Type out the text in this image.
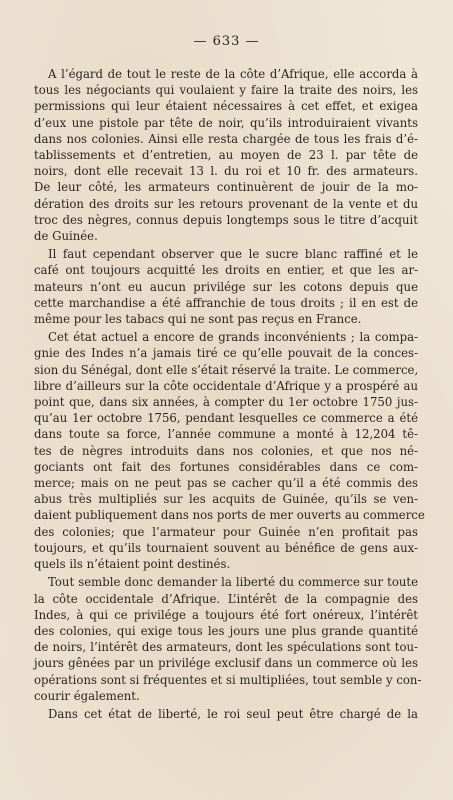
— 633 —
A l’égard de tout le reste de la côte d’Afrique, elle accorda à
tous les négociants qui voulaient y faire la traite des noirs, les
permissions qui leur étaient nécessaires à cet effet, et exigea
d’eux une pistole par tête de noir, qu’ils introduiraient vivants
dans nos colonies. Ainsi elle resta chargée de tous les frais d’é-
tablissements et d’entretien, au moyen de 23 l. par tête de
noirs, dont elle recevait 13 l. du roi et 10 fr. des armateurs.
De leur côté, les armateurs continuèrent de jouir de la mo-
dération des droits sur les retours provenant de la vente et du
troc des nègres, connus depuis longtemps sous le titre d’acquit
de Guinée.
Il faut cependant observer que le sucre blanc raffiné et le
café ont toujours acquitté les droits en entier, et que les ar-
mateurs n’ont eu aucun privilége sur les cotons depuis que
cette marchandise a été affranchie de tous droits ; il en est de
même pour les tabacs qui ne sont pas reçus en France.
Cet état actuel a encore de grands inconvénients ; la compa-
gnie des Indes n’a jamais tiré ce qu’elle pouvait de la conces-
sion du Sénégal, dont elle s’était réservé la traite. Le commerce,
libre d’ailleurs sur la côte occidentale d’Afrique y a prospéré au
point que, dans six années, à compter du 1er octobre 1750 jus-
qu’au 1er octobre 1756, pendant lesquelles ce commerce a été
dans toute sa force, l’année commune a monté à 12,204 tê-
tes de nègres introduits dans nos colonies, et que nos né-
gociants ont fait des fortunes considérables dans ce com-
merce; mais on ne peut pas se cacher qu’il a été commis des
abus très multipliés sur les acquits de Guinée, qu’ils se ven-
daient publiquement dans nos ports de mer ouverts au commerce
des colonies; que l’armateur pour Guinée n’en profitait pas
toujours, et qu’ils tournaient souvent au bénéfice de gens aux-
quels ils n’étaient point destinés.
Tout semble donc demander la liberté du commerce sur toute
la côte occidentale d’Afrique. L’intérêt de la compagnie des
Indes, à qui ce privilége a toujours été fort onéreux, l’intérêt
des colonies, qui exige tous les jours une plus grande quantité
de noirs, l’intérêt des armateurs, dont les spéculations sont tou-
jours gênées par un privilége exclusif dans un commerce où les
opérations sont si fréquentes et si multipliées, tout semble y con-
courir également.
Dans cet état de liberté, le roi seul peut être chargé de la
